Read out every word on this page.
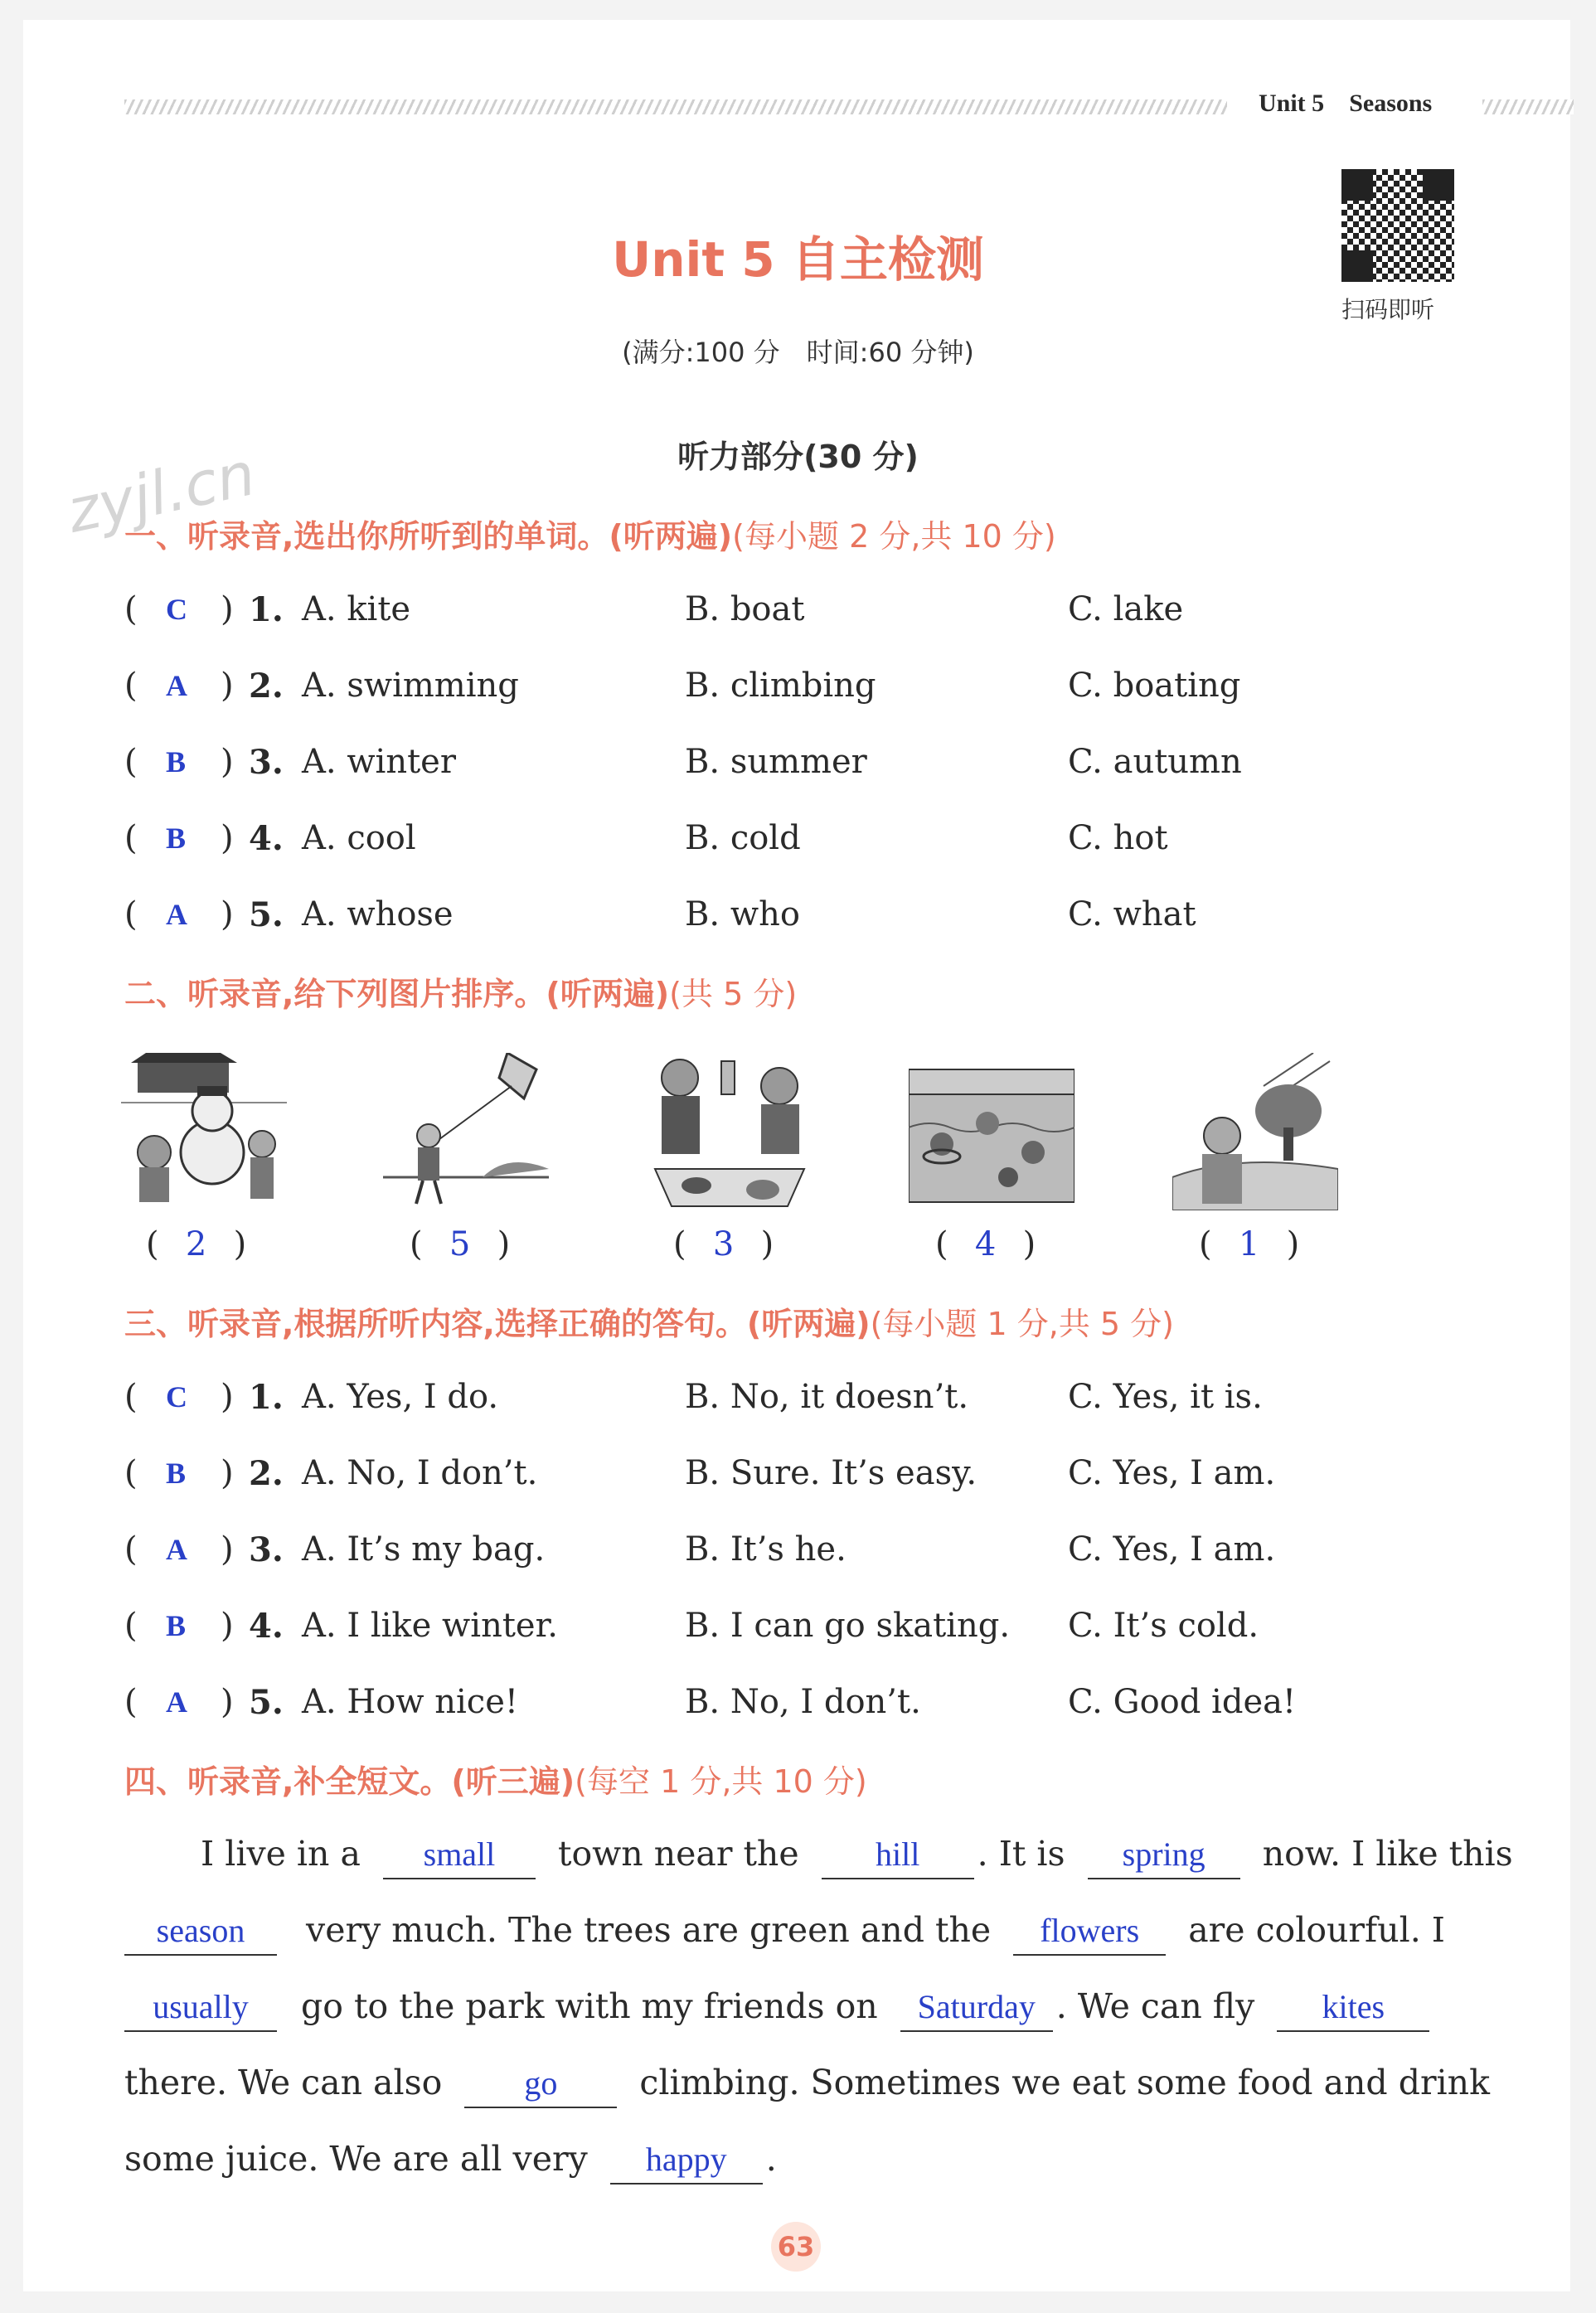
Unit 5 Seasons
扫码即听
Unit 5 自主检测
(满分:100 分　时间:60 分钟)
zyjl.cn	听力部分(30 分)
一、听录音,选出你所听到的单词。(听两遍)(每小题 2 分,共 10 分)
( C ) 1. A. kite	B. boat	C. lake
( A ) 2. A. swimming	B. climbing	C. boating
( B ) 3. A. winter	B. summer	C. autumn
( B ) 4. A. cool	B. cold	C. hot
( A ) 5. A. whose	B. who	C. what
二、听录音,给下列图片排序。(听两遍)(共 5 分)
( 2 )	( 5 )	( 3 )	( 4 )	( 1 )
三、听录音,根据所听内容,选择正确的答句。(听两遍)(每小题 1 分,共 5 分)
( C ) 1. A. Yes, I do.	B. No, it doesn’t.	C. Yes, it is.
( B ) 2. A. No, I don’t.	B. Sure. It’s easy.	C. Yes, I am.
( A ) 3. A. It’s my bag.	B. It’s he.	C. Yes, I am.
( B ) 4. A. I like winter.	B. I can go skating. C. It’s cold.
( A ) 5. A. How nice!	B. No, I don’t.	C. Good idea!
四、听录音,补全短文。(听三遍)(每空 1 分,共 10 分)
I live in a small town near the hill . It is spring now. I like this
season very much. The trees are green and the flowers are colourful. I
usually go to the park with my friends on Saturday . We can fly kites
there. We can also go climbing. Sometimes we eat some food and drink
some juice. We are all very happy .
63
